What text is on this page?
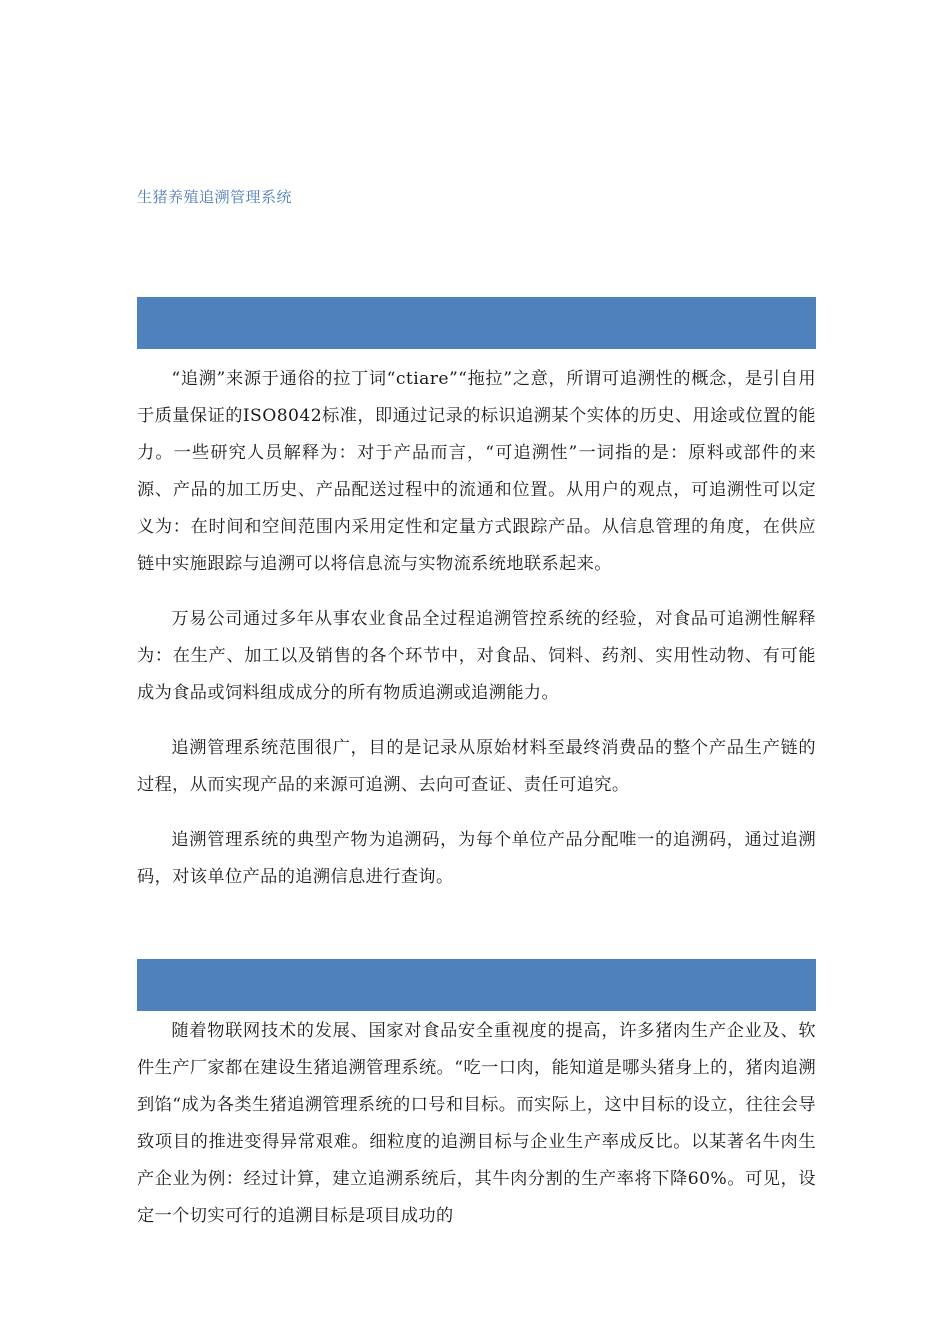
生猪养殖追溯管理系统

“追溯”来源于通俗的拉丁词“ctiare”“拖拉”之意，所谓可追溯性的概念，是引自用于质量保证的ISO8042标准，即通过记录的标识追溯某个实体的历史、用途或位置的能力。一些研究人员解释为：对于产品而言，“可追溯性”一词指的是：原料或部件的来源、产品的加工历史、产品配送过程中的流通和位置。从用户的观点，可追溯性可以定义为：在时间和空间范围内采用定性和定量方式跟踪产品。从信息管理的角度，在供应链中实施跟踪与追溯可以将信息流与实物流系统地联系起来。

万易公司通过多年从事农业食品全过程追溯管控系统的经验，对食品可追溯性解释为：在生产、加工以及销售的各个环节中，对食品、饲料、药剂、实用性动物、有可能成为食品或饲料组成成分的所有物质追溯或追溯能力。

追溯管理系统范围很广，目的是记录从原始材料至最终消费品的整个产品生产链的过程，从而实现产品的来源可追溯、去向可查证、责任可追究。

追溯管理系统的典型产物为追溯码，为每个单位产品分配唯一的追溯码，通过追溯码，对该单位产品的追溯信息进行查询。

随着物联网技术的发展、国家对食品安全重视度的提高，许多猪肉生产企业及、软件生产厂家都在建设生猪追溯管理系统。“吃一口肉，能知道是哪头猪身上的，猪肉追溯到馅“成为各类生猪追溯管理系统的口号和目标。而实际上，这中目标的设立，往往会导致项目的推进变得异常艰难。细粒度的追溯目标与企业生产率成反比。以某著名牛肉生产企业为例：经过计算，建立追溯系统后，其牛肉分割的生产率将下降60%。可见，设定一个切实可行的追溯目标是项目成功的
